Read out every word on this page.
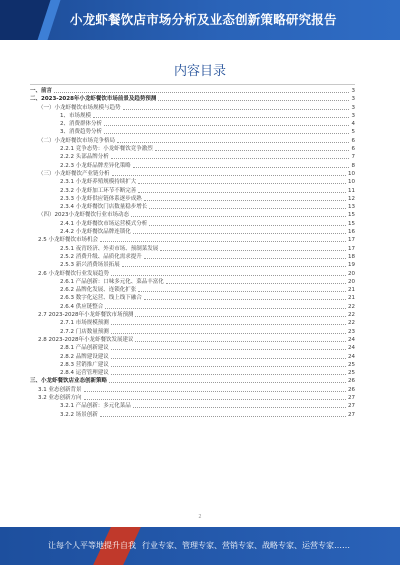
小龙虾餐饮店市场分析及业态创新策略研究报告
内容目录
一、前言	3
二、2023-2028年小龙虾餐饮市场前景及趋势预测	3
（一）小龙虾餐饮市场规模与趋势	3
1、市场规模	3
2、消费群体分析	4
3、消费趋势分析	5
（二）小龙虾餐饮市场竞争格局	6
2.2.1 竞争态势：小龙虾餐饮竞争激烈	6
2.2.2 头部品牌分析	7
2.2.3 小龙虾品牌差异化策略	8
（三）小龙虾餐饮产业链分析	10
2.3.1 小龙虾养殖规模持续扩大	10
2.3.2 小龙虾加工环节不断完善	11
2.3.3 小龙虾供应链体系逐步成熟	12
2.3.4 小龙虾餐饮门店数量稳步增长	13
（四）2023小龙虾餐饮行业市场动态	15
2.4.1 小龙虾餐饮市场运营模式分析	15
2.4.2 小龙虾餐饮品牌连锁化	16
2.5 小龙虾餐饮市场机会	17
2.5.1 夜宵经济、外卖市场、预制菜发展	17
2.5.2 消费升级、品质化需求提升	18
2.5.3 新兴消费场景拓展	19
2.6 小龙虾餐饮行业发展趋势	20
2.6.1 产品创新：口味多元化、菜品丰富化	20
2.6.2 品牌化发展、连锁化扩张	21
2.6.3 数字化运营、线上线下融合	21
2.6.4 供应链整合	22
2.7 2023-2028年小龙虾餐饮市场预测	22
2.7.1 市场规模预测	22
2.7.2 门店数量预测	23
2.8 2023-2028年小龙虾餐饮发展建议	24
2.8.1 产品创新建议	24
2.8.2 品牌建设建议	24
2.8.3 营销推广建议	25
2.8.4 运营管理建议	25
三、小龙虾餐饮店业态创新策略	26
3.1 业态创新背景	26
3.2 业态创新方向	27
3.2.1 产品创新：多元化菜品	27
3.2.2 场景创新	27
2
让每个人平等地提升自我 行业专家、管理专家、营销专家、战略专家、运营专家……
